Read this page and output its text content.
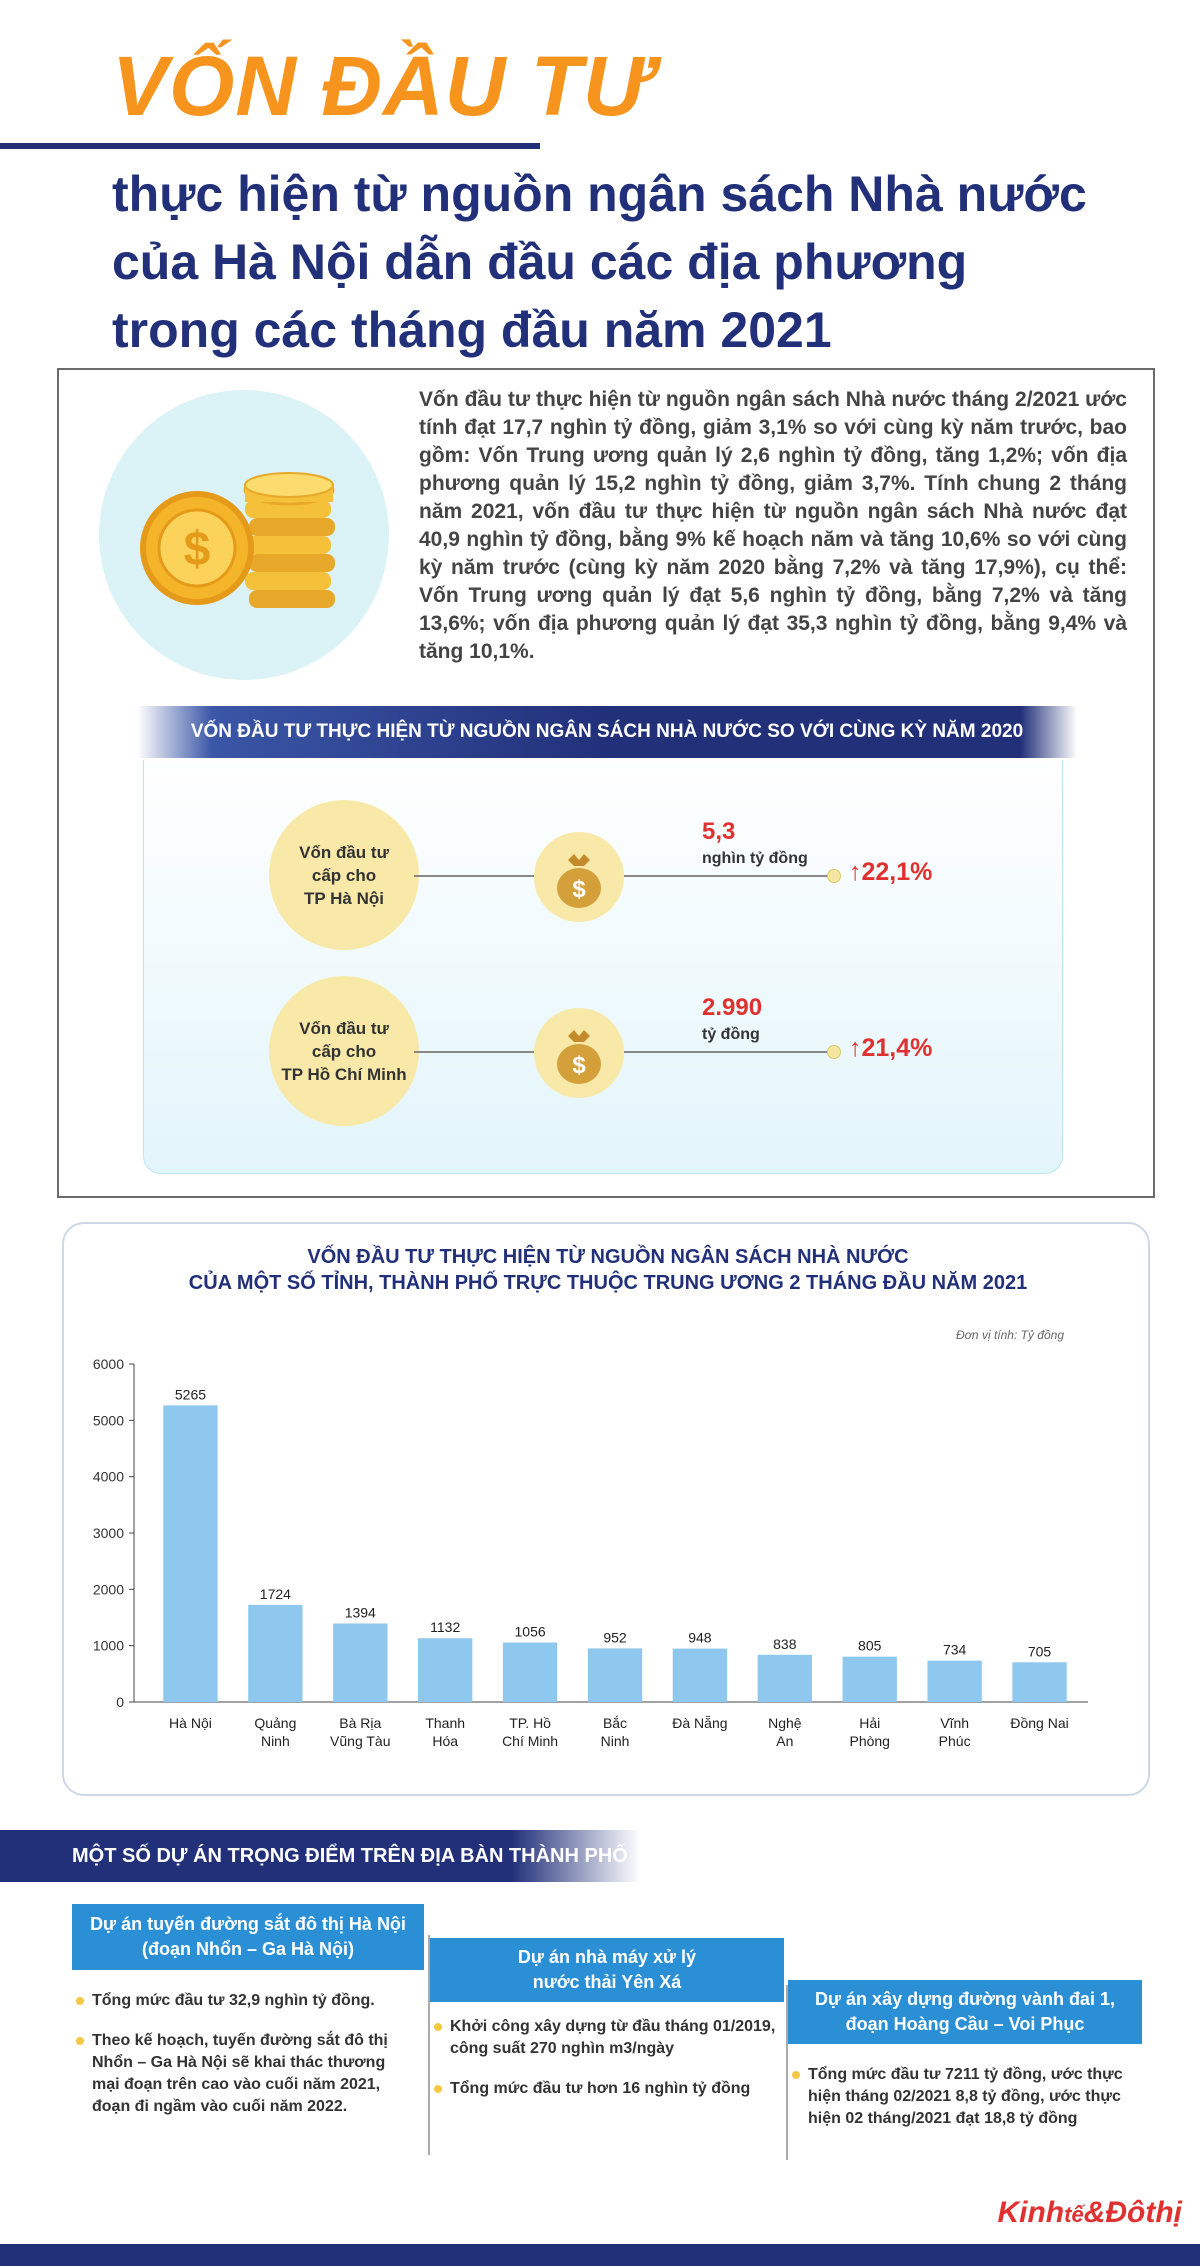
VỐN ĐẦU TƯ
thực hiện từ nguồn ngân sách Nhà nước
của Hà Nội dẫn đầu các địa phương
trong các tháng đầu năm 2021
$
Vốn đầu tư thực hiện từ nguồn ngân sách Nhà nước tháng 2/2021 ước tính đạt 17,7 nghìn tỷ đồng, giảm 3,1% so với cùng kỳ năm trước, bao gồm: Vốn Trung ương quản lý 2,6 nghìn tỷ đồng, tăng 1,2%; vốn địa phương quản lý 15,2 nghìn tỷ đồng, giảm 3,7%. Tính chung 2 tháng năm 2021, vốn đầu tư thực hiện từ nguồn ngân sách Nhà nước đạt 40,9 nghìn tỷ đồng, bằng 9% kế hoạch năm và tăng 10,6% so với cùng kỳ năm trước (cùng kỳ năm 2020 bằng 7,2% và tăng 17,9%), cụ thể: Vốn Trung ương quản lý đạt 5,6 nghìn tỷ đồng, bằng 7,2% và tăng 13,6%; vốn địa phương quản lý đạt 35,3 nghìn tỷ đồng, bằng 9,4% và tăng 10,1%.
VỐN ĐẦU TƯ THỰC HIỆN TỪ NGUỒN NGÂN SÁCH NHÀ NƯỚC SO VỚI CÙNG KỲ NĂM 2020
Vốn đầu tư
cấp cho
TP Hà Nội	$
5,3
nghìn tỷ đồng ↑22,1%
Vốn đầu tư
cấp cho
TP Hồ Chí Minh	$
2.990
tỷ đồng	↑21,4%
VỐN ĐẦU TƯ THỰC HIỆN TỪ NGUỒN NGÂN SÁCH NHÀ NƯỚC
CỦA MỘT SỐ TỈNH, THÀNH PHỐ TRỰC THUỘC TRUNG ƯƠNG 2 THÁNG ĐẦU NĂM 2021
Đơn vị tính: Tỷ đồng
0
1000
2000
3000
4000
5000
6000
5265
Hà Nội
1724
Quảng
Ninh
1394
Bà Rịa
Vũng Tàu
1132
Thanh
Hóa
1056
TP. Hồ
Chí Minh
952
Bắc
Ninh
948
Đà Nẵng
838
Nghệ
An
805
Hải
Phòng
734
Vĩnh
Phúc
705
Đồng Nai
MỘT SỐ DỰ ÁN TRỌNG ĐIỂM TRÊN ĐỊA BÀN THÀNH PHỐ
Dự án tuyến đường sắt đô thị Hà Nội
(đoạn Nhổn – Ga Hà Nội)
Tổng mức đầu tư 32,9 nghìn tỷ đồng.
Theo kế hoạch, tuyến đường sắt đô thị Nhổn – Ga Hà Nội sẽ khai thác thương mại đoạn trên cao vào cuối năm 2021, đoạn đi ngầm vào cuối năm 2022.
Dự án nhà máy xử lý
nước thải Yên Xá
Khởi công xây dựng từ đầu tháng 01/2019, công suất 270 nghìn m3/ngày
Tổng mức đầu tư hơn 16 nghìn tỷ đồng
Dự án xây dựng đường vành đai 1,
đoạn Hoàng Cầu – Voi Phục
Tổng mức đầu tư 7211 tỷ đồng, ước thực hiện tháng 02/2021 8,8 tỷ đồng, ước thực hiện 02 tháng/2021 đạt 18,8 tỷ đồng
Kinhtế&Đôthị
